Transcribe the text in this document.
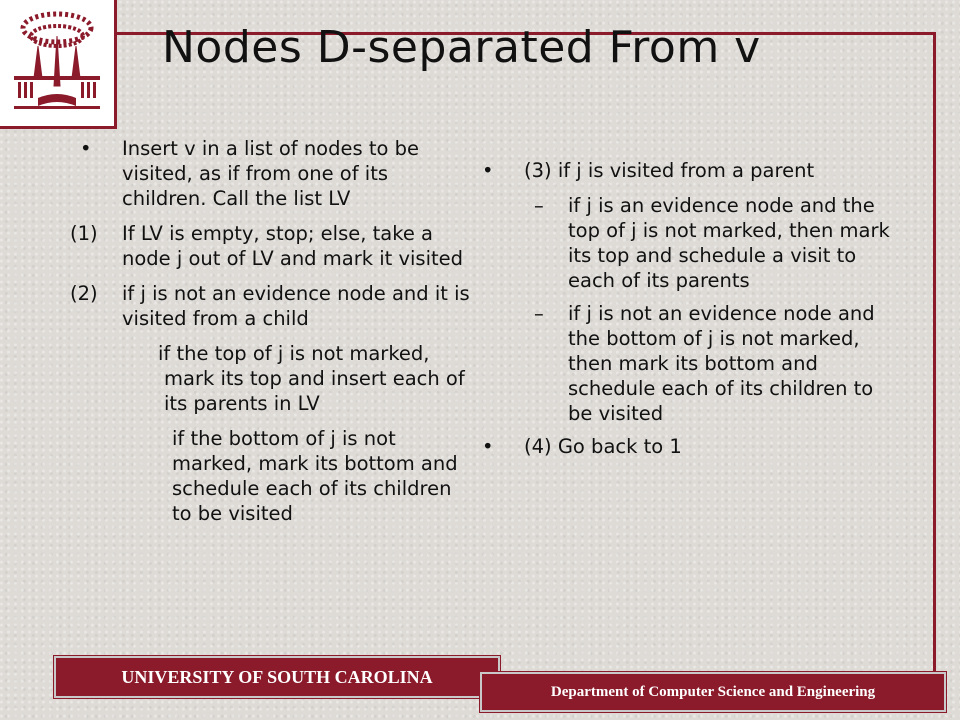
Nodes D-separated From v
•	Insert v in a list of nodes to be visited, as if from one of its children. Call the list LV
(1)	If LV is empty, stop; else, take a node j out of LV and mark it visited
(2)	if j is not an evidence node and it is visited from a child
if the top of j is not marked, mark its top and insert each of its parents in LV
if the bottom of j is not marked, mark its bottom and schedule each of its children to be visited
•	(3) if j is visited from a parent
–	if j is an evidence node and the top of j is not marked, then mark its top and schedule a visit to each of its parents
–	if j is not an evidence node and the bottom of j is not marked, then mark its bottom and schedule each of its children to be visited
•	(4) Go back to 1
UNIVERSITY OF SOUTH CAROLINA
Department of Computer Science and Engineering
